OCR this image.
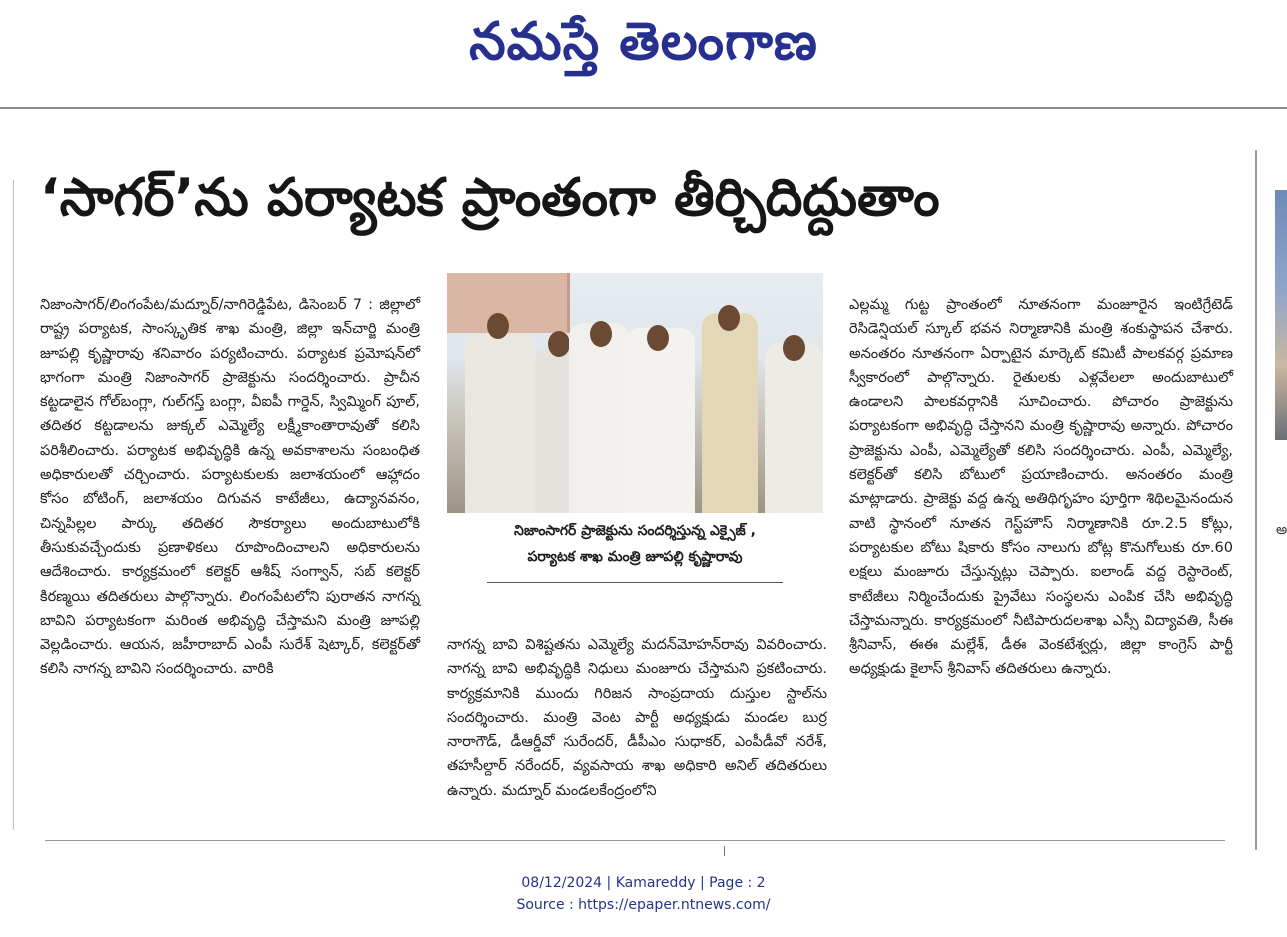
నమస్తే తెలంగాణ
‘సాగర్’ను పర్యాటక ప్రాంతంగా తీర్చిదిద్దుతాం

నిజాంసాగర్/లింగంపేట/మద్నూర్/నాగిరెడ్డిపేట, డిసెంబర్ 7 : జిల్లాలో రాష్ట్ర పర్యాటక, సాంస్కృతిక శాఖ మంత్రి, జిల్లా ఇన్‌చార్జి మంత్రి జూపల్లి కృష్ణారావు శనివారం పర్యటించారు. పర్యాటక ప్రమోషన్‌లో భాగంగా మంత్రి నిజాంసాగర్ ప్రాజెక్టును సందర్శించారు. ప్రాచీన కట్టడాలైన గోల్‌బంగ్లా, గుల్‌గస్త్ బంగ్లా, వీఐపీ గార్డెన్, స్విమ్మింగ్ పూల్, తదితర కట్టడాలను జుక్కల్ ఎమ్మెల్యే లక్ష్మీకాంతారావుతో కలిసి పరిశీలించారు. పర్యాటక అభివృద్ధికి ఉన్న అవకాశాలను సంబంధిత అధికారులతో చర్చించారు. పర్యాటకులకు జలాశయంలో ఆహ్లాదం కోసం బోటింగ్, జలాశయం దిగువన కాటేజీలు, ఉద్యానవనం, చిన్నపిల్లల పార్కు తదితర సౌకర్యాలు అందుబాటులోకి తీసుకువచ్చేందుకు ప్రణాళికలు రూపొందించాలని అధికారులను ఆదేశించారు. కార్యక్రమంలో కలెక్టర్ ఆశీష్ సంగ్వాన్, సబ్ కలెక్టర్ కిరణ్మయి తదితరులు పాల్గొన్నారు. లింగంపేటలోని పురాతన నాగన్న బావిని పర్యాటకంగా మరింత అభివృద్ధి చేస్తామని మంత్రి జూపల్లి వెల్లడించారు. ఆయన, జహీరాబాద్ ఎంపీ సురేశ్ షెట్కార్, కలెక్టర్‌తో కలిసి నాగన్న బావిని సందర్శించారు. వారికి

నిజాంసాగర్ ప్రాజెక్టును సందర్శిస్తున్న ఎక్సైజ్ ,
పర్యాటక శాఖ మంత్రి జూపల్లి కృష్ణారావు

నాగన్న బావి విశిష్టతను ఎమ్మెల్యే మదన్‌మోహన్‌రావు వివరించారు. నాగన్న బావి అభివృద్ధికి నిధులు మంజూరు చేస్తామని ప్రకటించారు. కార్యక్రమానికి ముందు గిరిజన సాంప్రదాయ దుస్తుల స్టాల్‌ను సందర్శించారు. మంత్రి వెంట పార్టీ అధ్యక్షుడు మండల బుర్ర నారాగౌడ్, డీఆర్డీవో సురేందర్, డీపీఎం సుధాకర్, ఎంపీడీవో నరేశ్, తహసీల్దార్ నరేందర్, వ్యవసాయ శాఖ అధికారి అనిల్ తదితరులు ఉన్నారు. మద్నూర్ మండలకేంద్రంలోని

ఎల్లమ్మ గుట్ట ప్రాంతంలో నూతనంగా మంజూరైన ఇంటిగ్రేటెడ్ రెసిడెన్షియల్ స్కూల్ భవన నిర్మాణానికి మంత్రి శంకుస్థాపన చేశారు. అనంతరం నూతనంగా ఏర్పాటైన మార్కెట్ కమిటీ పాలకవర్గ ప్రమాణ స్వీకారంలో పాల్గొన్నారు. రైతులకు ఎళ్లవేలలా అందుబాటులో ఉండాలని పాలకవర్గానికి సూచించారు. పోచారం ప్రాజెక్టును పర్యాటకంగా అభివృద్ధి చేస్తానని మంత్రి కృష్ణారావు అన్నారు. పోచారం ప్రాజెక్టును ఎంపీ, ఎమ్మెల్యేతో కలిసి సందర్శించారు. ఎంపీ, ఎమ్మెల్యే, కలెక్టర్‌తో కలిసి బోటులో ప్రయాణించారు. అనంతరం మంత్రి మాట్లాడారు. ప్రాజెక్టు వద్ద ఉన్న అతిథిగృహం పూర్తిగా శిథిలమైనందున వాటి స్థానంలో నూతన గెస్ట్‌హౌస్ నిర్మాణానికి రూ.2.5 కోట్లు, పర్యాటకుల బోటు షికారు కోసం నాలుగు బోట్ల కొనుగోలుకు రూ.60 లక్షలు మంజూరు చేస్తున్నట్లు చెప్పారు. ఐలాండ్ వద్ద రెస్టారెంట్, కాటేజీలు నిర్మించేందుకు ప్రైవేటు సంస్థలను ఎంపిక చేసి అభివృద్ధి చేస్తామన్నారు. కార్యక్రమంలో నీటిపారుదలశాఖ ఎస్సీ విద్యావతి, సీఈ శ్రీనివాస్, ఈఈ మల్లేశ్, డీఈ వెంకటేశ్వర్లు, జిల్లా కాంగ్రెస్ పార్టీ అధ్యక్షుడు కైలాస్ శ్రీనివాస్ తదితరులు ఉన్నారు.

అ
08/12/2024 | Kamareddy | Page : 2
Source : https://epaper.ntnews.com/
